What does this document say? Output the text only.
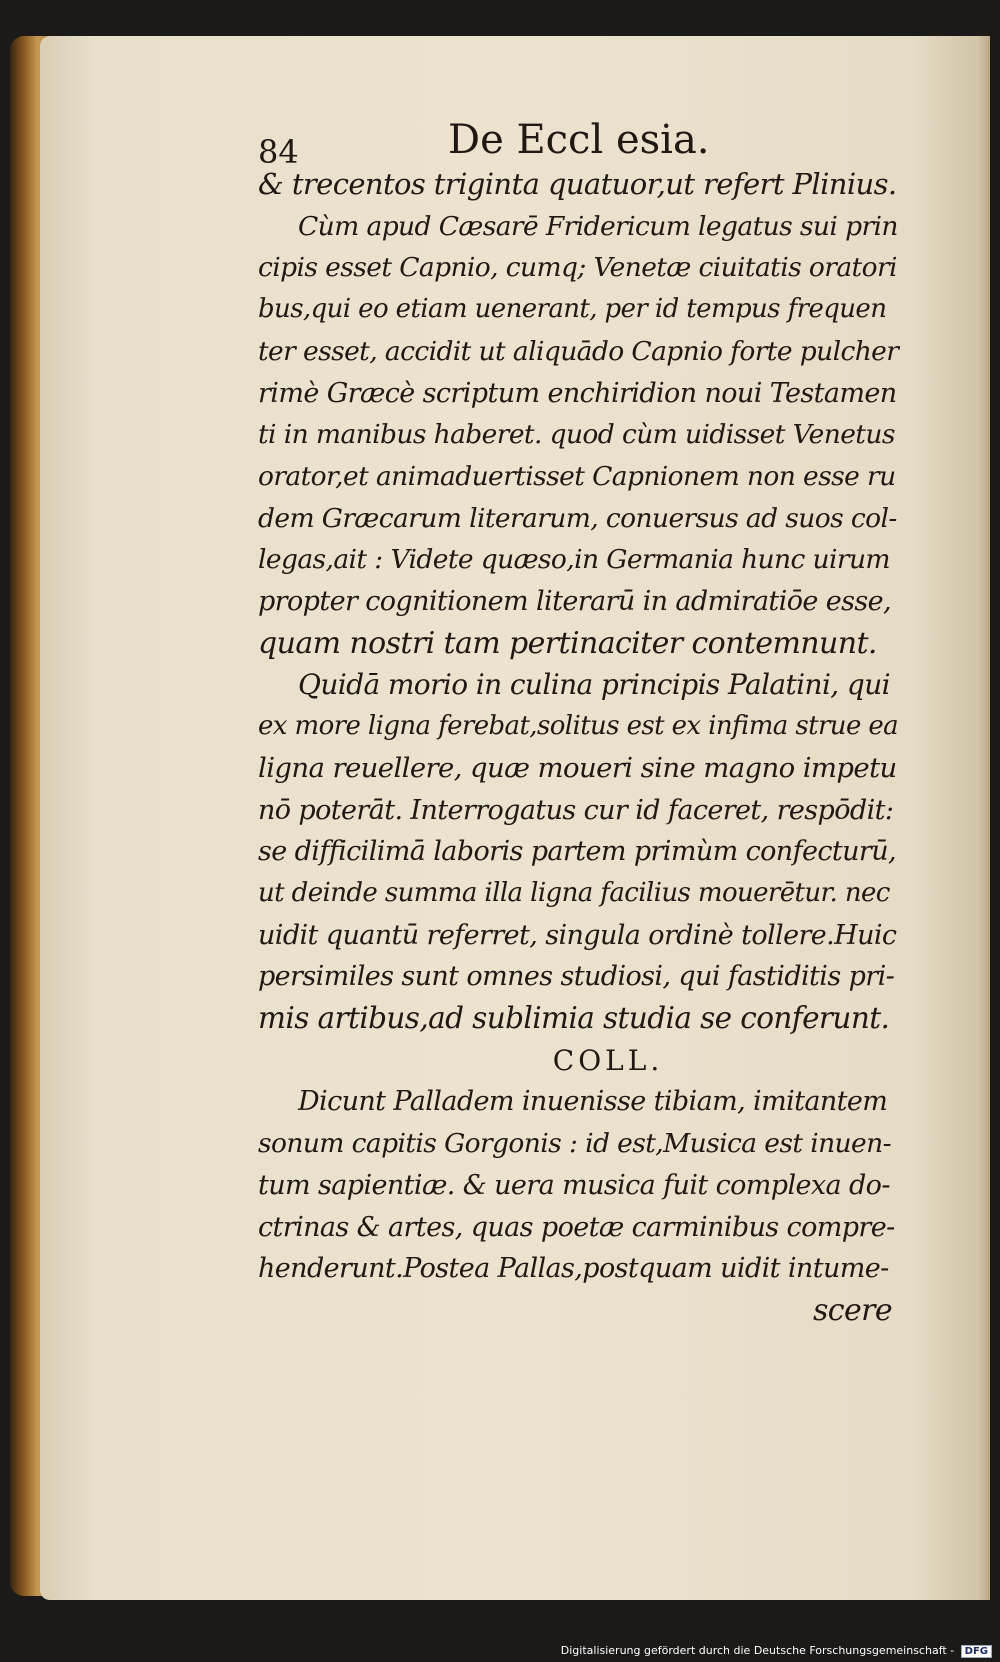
84	De Eccl esia.
& trecentos triginta quatuor,ut refert Plinius.
Cùm apud Cæsarē Fridericum legatus sui prin
cipis esset Capnio, cumq; Venetæ ciuitatis oratori
bus,qui eo etiam uenerant, per id tempus frequen
ter esset, accidit ut aliquādo Capnio forte pulcher
rimè Græcè scriptum enchiridion noui Testamen
ti in manibus haberet. quod cùm uidisset Venetus
orator,et animaduertisset Capnionem non esse ru
dem Græcarum literarum, conuersus ad suos col-
legas,ait : Videte quæso,in Germania hunc uirum
propter cognitionem literarū in admiratiōe esse,
quam nostri tam pertinaciter contemnunt.
Quidā morio in culina principis Palatini, qui
ex more ligna ferebat,solitus est ex infima strue ea
ligna reuellere, quæ moueri sine magno impetu
nō poterāt. Interrogatus cur id faceret, respōdit:
se difficilimā laboris partem primùm confecturū,
ut deinde summa illa ligna facilius mouerētur. nec
uidit quantū referret, singula ordinè tollere.Huic
persimiles sunt omnes studiosi, qui fastiditis pri-
mis artibus,ad sublimia studia se conferunt.
COLL.
Dicunt Palladem inuenisse tibiam, imitantem
sonum capitis Gorgonis : id est,Musica est inuen-
tum sapientiæ. & uera musica fuit complexa do-
ctrinas & artes, quas poetæ carminibus compre-
henderunt.Postea Pallas,postquam uidit intume-
scere
Digitalisierung gefördert durch die Deutsche Forschungsgemeinschaft - DFG
